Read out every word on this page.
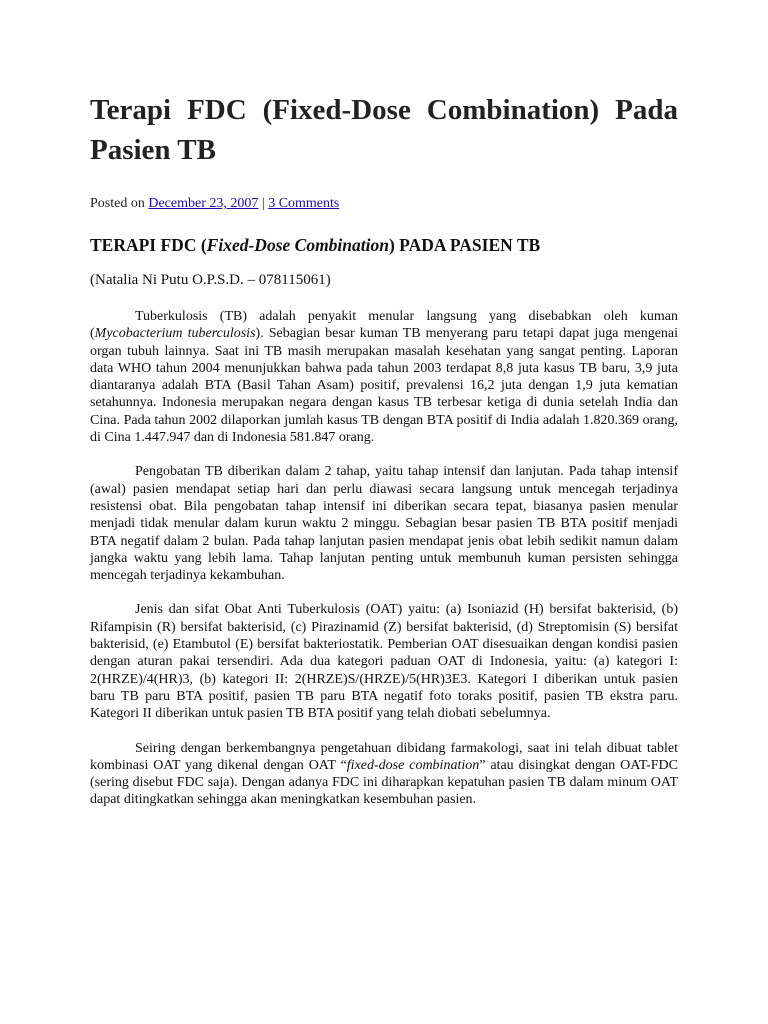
Terapi FDC (Fixed-Dose Combination) Pada Pasien TB
Posted on December 23, 2007 | 3 Comments
TERAPI FDC (Fixed-Dose Combination) PADA PASIEN TB
(Natalia Ni Putu O.P.S.D. – 078115061)

Tuberkulosis (TB) adalah penyakit menular langsung yang disebabkan oleh kuman (Mycobacterium tuberculosis). Sebagian besar kuman TB menyerang paru tetapi dapat juga mengenai organ tubuh lainnya. Saat ini TB masih merupakan masalah kesehatan yang sangat penting. Laporan data WHO tahun 2004 menunjukkan bahwa pada tahun 2003 terdapat 8,8 juta kasus TB baru, 3,9 juta diantaranya adalah BTA (Basil Tahan Asam) positif, prevalensi 16,2 juta dengan 1,9 juta kematian setahunnya. Indonesia merupakan negara dengan kasus TB terbesar ketiga di dunia setelah India dan Cina. Pada tahun 2002 dilaporkan jumlah kasus TB dengan BTA positif di India adalah 1.820.369 orang, di Cina 1.447.947 dan di Indonesia 581.847 orang.

Pengobatan TB diberikan dalam 2 tahap, yaitu tahap intensif dan lanjutan. Pada tahap intensif (awal) pasien mendapat setiap hari dan perlu diawasi secara langsung untuk mencegah terjadinya resistensi obat. Bila pengobatan tahap intensif ini diberikan secara tepat, biasanya pasien menular menjadi tidak menular dalam kurun waktu 2 minggu. Sebagian besar pasien TB BTA positif menjadi BTA negatif dalam 2 bulan. Pada tahap lanjutan pasien mendapat jenis obat lebih sedikit namun dalam jangka waktu yang lebih lama. Tahap lanjutan penting untuk membunuh kuman persisten sehingga mencegah terjadinya kekambuhan.

Jenis dan sifat Obat Anti Tuberkulosis (OAT) yaitu: (a) Isoniazid (H) bersifat bakterisid, (b) Rifampisin (R) bersifat bakterisid, (c) Pirazinamid (Z) bersifat bakterisid, (d) Streptomisin (S) bersifat bakterisid, (e) Etambutol (E) bersifat bakteriostatik. Pemberian OAT disesuaikan dengan kondisi pasien dengan aturan pakai tersendiri. Ada dua kategori paduan OAT di Indonesia, yaitu: (a) kategori I: 2(HRZE)/4(HR)3, (b) kategori II: 2(HRZE)S/(HRZE)/5(HR)3E3. Kategori I diberikan untuk pasien baru TB paru BTA positif, pasien TB paru BTA negatif foto toraks positif, pasien TB ekstra paru. Kategori II diberikan untuk pasien TB BTA positif yang telah diobati sebelumnya.

Seiring dengan berkembangnya pengetahuan dibidang farmakologi, saat ini telah dibuat tablet kombinasi OAT yang dikenal dengan OAT “fixed-dose combination” atau disingkat dengan OAT-FDC (sering disebut FDC saja). Dengan adanya FDC ini diharapkan kepatuhan pasien TB dalam minum OAT dapat ditingkatkan sehingga akan meningkatkan kesembuhan pasien.
